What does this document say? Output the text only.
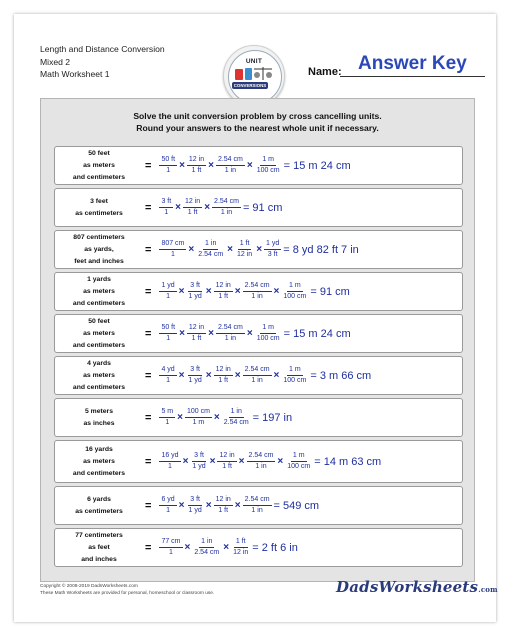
Length and Distance Conversion
Mixed 2
Math Worksheet 1
UNIT
CONVERSIONS
Name: Answer Key
Solve the unit conversion problem by cross cancelling units.
Round your answers to the nearest whole unit if necessary.
50 feet
as meters
and centimeters
= $\frac{50 ft}{1} \times \frac{12 in}{1 ft} \times \frac{2.54 cm}{1 in} \times \frac{1 m}{100 cm} = 15$ m 24 cm
3 feet
as centimeters	= $\frac{3 ft}{1} \times \frac{12 in}{1 ft} \times \frac{2.54 cm}{1 in} = 91$ cm
807 centimeters
as yards,
feet and inches
= $\frac{807 cm}{1} \times \frac{1 in}{2.54 cm} \times \frac{1 ft}{12 in} \times \frac{1 yd}{3 ft} = 8$ yd 82 ft 7 in
1 yards
as meters
and centimeters
= $\frac{1 yd}{1} \times \frac{3 ft}{1 yd} \times \frac{12 in}{1 ft} \times \frac{2.54 cm}{1 in} \times \frac{1 m}{100 cm} = 91$ cm
50 feet
as meters
and centimeters
= $\frac{50 ft}{1} \times \frac{12 in}{1 ft} \times \frac{2.54 cm}{1 in} \times \frac{1 m}{100 cm} = 15$ m 24 cm
4 yards
as meters
and centimeters
= $\frac{4 yd}{1} \times \frac{3 ft}{1 yd} \times \frac{12 in}{1 ft} \times \frac{2.54 cm}{1 in} \times \frac{1 m}{100 cm} = 3$ m 66 cm
5 meters
as inches	= $\frac{5 m}{1} \times \frac{100 cm}{1 m} \times \frac{1 in}{2.54 cm} = 197$ in
16 yards
as meters
and centimeters
= $\frac{16 yd}{1} \times \frac{3 ft}{1 yd} \times \frac{12 in}{1 ft} \times \frac{2.54 cm}{1 in} \times \frac{1 m}{100 cm} = 14$ m 63 cm
6 yards
as centimeters	= $\frac{6 yd}{1} \times \frac{3 ft}{1 yd} \times \frac{12 in}{1 ft} \times \frac{2.54 cm}{1 in} = 549$ cm
77 centimeters
as feet
and inches
= $\frac{77 cm}{1} \times \frac{1 in}{2.54 cm} \times \frac{1 ft}{12 in} = 2$ ft 6 in
Copyright © 2008-2019 DadsWorksheets.com
These Math Worksheets are provided for personal, homeschool or classroom use.	DadsWorksheets.com
